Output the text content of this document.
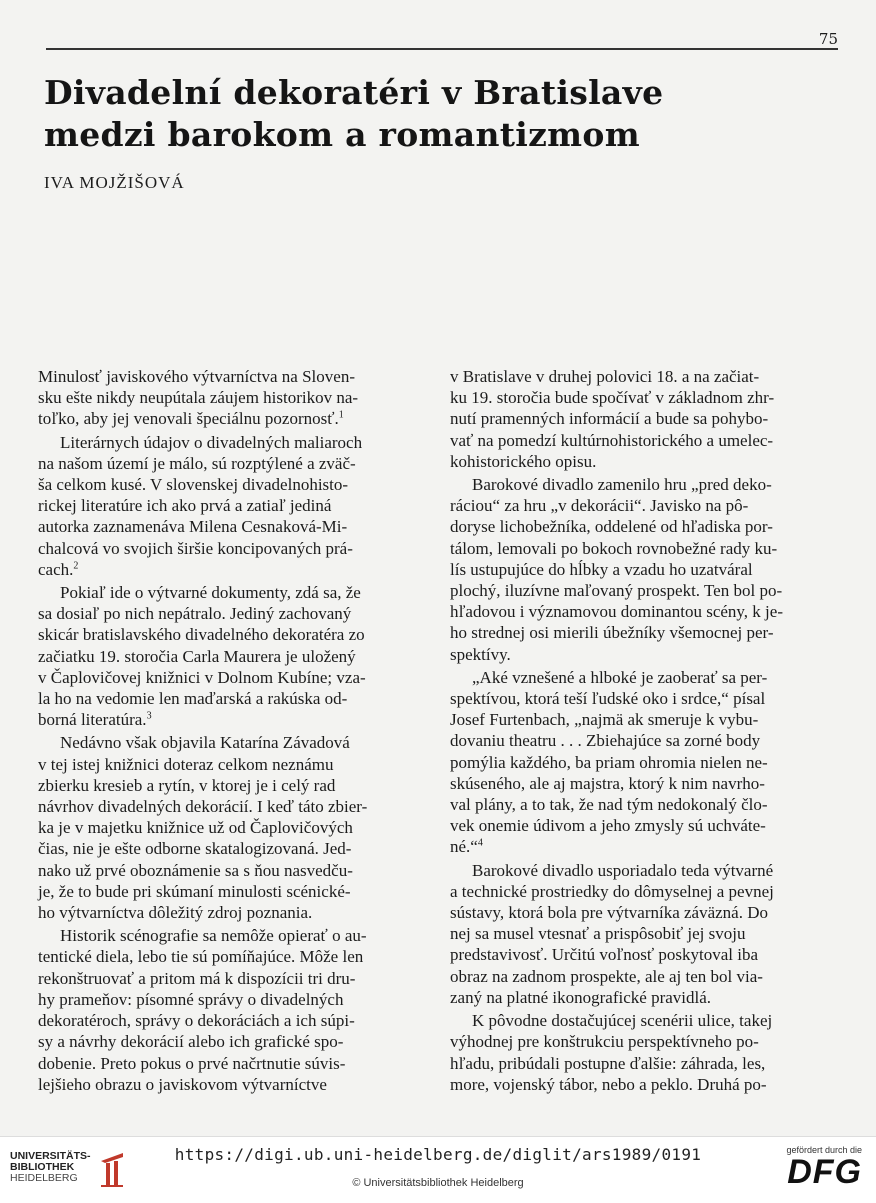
75
Divadelní dekoratéri v Bratislave
medzi barokom a romantizmom
IVA MOJŽIŠOVÁ

Minulosť javiskového výtvarníctva na Sloven-
sku ešte nikdy neupútala záujem historikov na-
toľko, aby jej venovali špeciálnu pozornosť.$^1$

Literárnych údajov o divadelných maliaroch
na našom území je málo, sú rozptýlené a zväč-
ša celkom kusé. V slovenskej divadelnohisto-
rickej literatúre ich ako prvá a zatiaľ jediná
autorka zaznamenáva Milena Cesnaková-Mi-
chalcová vo svojich širšie koncipovaných prá-
cach.$^2$

Pokiaľ ide o výtvarné dokumenty, zdá sa, že
sa dosiaľ po nich nepátralo. Jediný zachovaný
skicár bratislavského divadelného dekoratéra zo
začiatku 19. storočia Carla Maurera je uložený
v Čaplovičovej knižnici v Dolnom Kubíne; vza-
la ho na vedomie len maďarská a rakúska od-
borná literatúra.$^3$

Nedávno však objavila Katarína Závadová
v tej istej knižnici doteraz celkom neznámu
zbierku kresieb a rytín, v ktorej je i celý rad
návrhov divadelných dekorácií. I keď táto zbier-
ka je v majetku knižnice už od Čaplovičových
čias, nie je ešte odborne skatalogizovaná. Jed-
nako už prvé oboznámenie sa s ňou nasvedču-
je, že to bude pri skúmaní minulosti scénické-
ho výtvarníctva dôležitý zdroj poznania.

Historik scénografie sa nemôže opierať o au-
tentické diela, lebo tie sú pomíňajúce. Môže len
rekonštruovať a pritom má k dispozícii tri dru-
hy prameňov: písomné správy o divadelných
dekoratéroch, správy o dekoráciách a ich súpi-
sy a návrhy dekorácií alebo ich grafické spo-
dobenie. Preto pokus o prvé načrtnutie súvis-
lejšieho obrazu o javiskovom výtvarníctve

v Bratislave v druhej polovici 18. a na začiat-
ku 19. storočia bude spočívať v základnom zhr-
nutí pramenných informácií a bude sa pohybo-
vať na pomedzí kultúrnohistorického a umelec-
kohistorického opisu.

Barokové divadlo zamenilo hru „pred deko-
ráciou“ za hru „v dekorácii“. Javisko na pô-
doryse lichobežníka, oddelené od hľadiska por-
tálom, lemovali po bokoch rovnobežné rady ku-
lís ustupujúce do hĺbky a vzadu ho uzatváral
plochý, iluzívne maľovaný prospekt. Ten bol po-
hľadovou i významovou dominantou scény, k je-
ho strednej osi mierili úbežníky všemocnej per-
spektívy.

„Aké vznešené a hlboké je zaoberať sa per-
spektívou, ktorá teší ľudské oko i srdce,“ písal
Josef Furtenbach, „najmä ak smeruje k vybu-
dovaniu theatru . . . Zbiehajúce sa zorné body
pomýlia každého, ba priam ohromia nielen ne-
skúseného, ale aj majstra, ktorý k nim navrho-
val plány, a to tak, že nad tým nedokonalý člo-
vek onemie údivom a jeho zmysly sú uchváte-
né.“$^4$

Barokové divadlo usporiadalo teda výtvarné
a technické prostriedky do dômyselnej a pevnej
sústavy, ktorá bola pre výtvarníka záväzná. Do
nej sa musel vtesnať a prispôsobiť jej svoju
predstavivosť. Určitú voľnosť poskytoval iba
obraz na zadnom prospekte, ale aj ten bol via-
zaný na platné ikonografické pravidlá.

K pôvodne dostačujúcej scenérii ulice, takej
výhodnej pre konštrukciu perspektívneho po-
hľadu, pribúdali postupne ďalšie: záhrada, les,
more, vojenský tábor, nebo a peklo. Druhá po-

UNIVERSITÄTS-
BIBLIOTHEK
HEIDELBERG
https://digi.ub.uni-heidelberg.de/diglit/ars1989/0191
© Universitätsbibliothek Heidelberg
gefördert durch die
DFG
